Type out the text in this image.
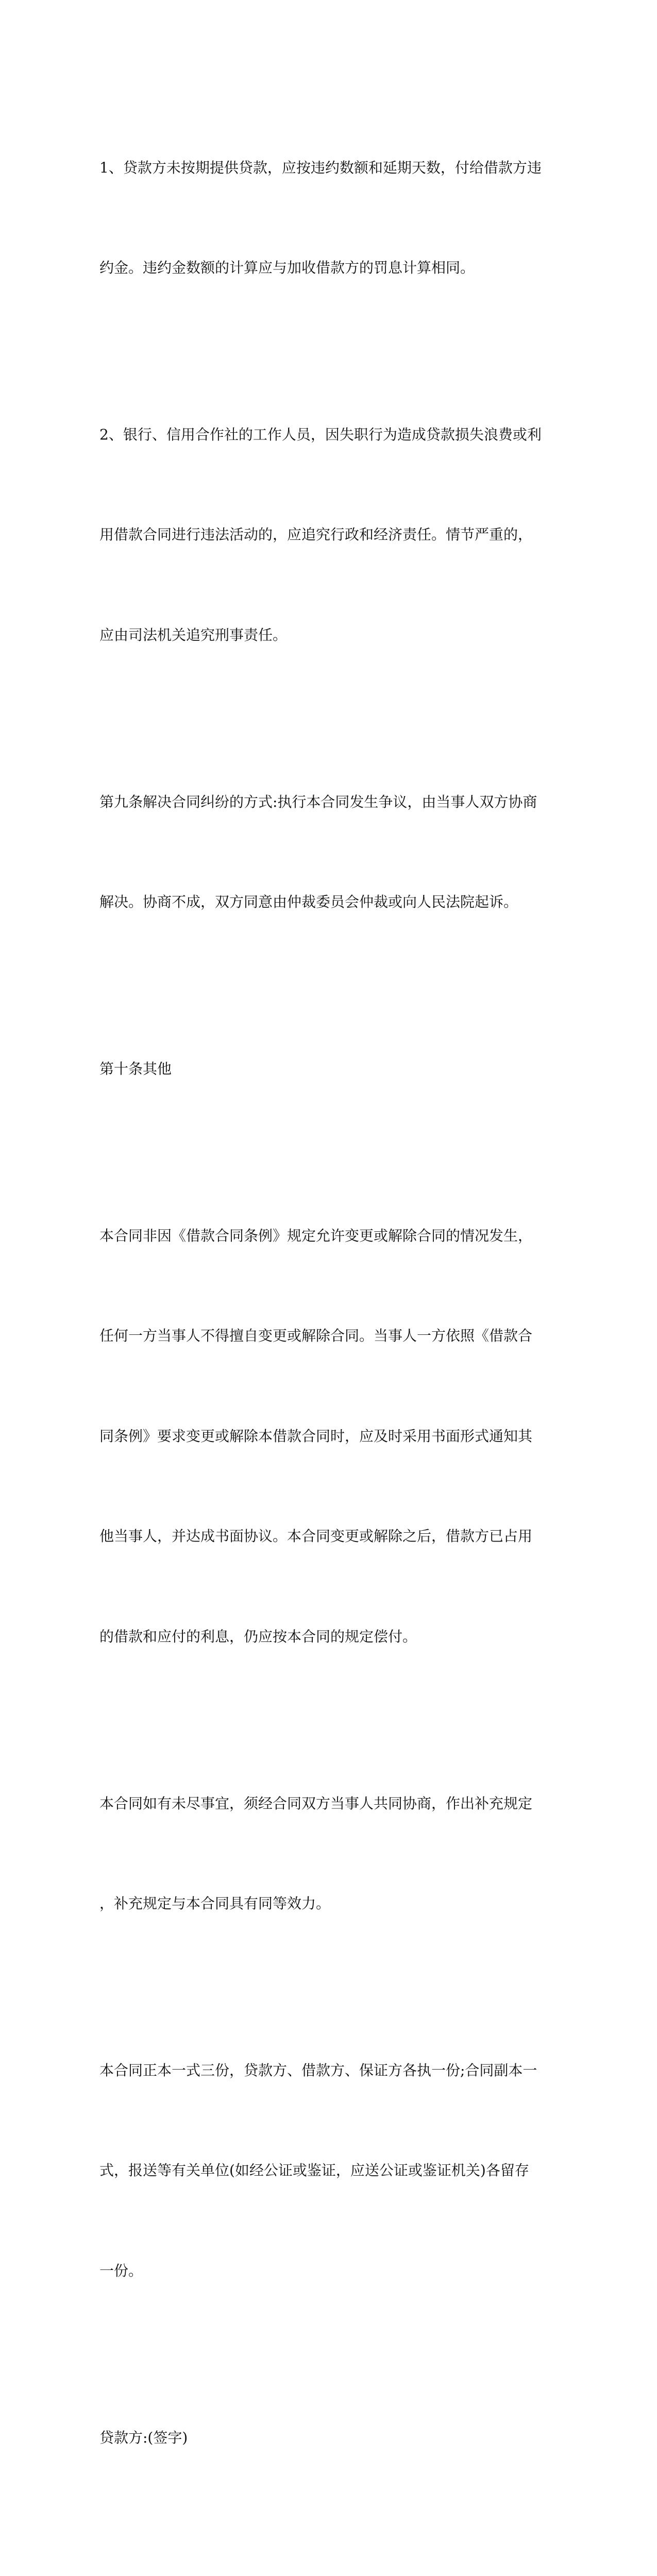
1、贷款方未按期提供贷款，应按违约数额和延期天数，付给借款方违

约金。违约金数额的计算应与加收借款方的罚息计算相同。

2、银行、信用合作社的工作人员，因失职行为造成贷款损失浪费或利

用借款合同进行违法活动的，应追究行政和经济责任。情节严重的，

应由司法机关追究刑事责任。

第九条解决合同纠纷的方式:执行本合同发生争议，由当事人双方协商

解决。协商不成，双方同意由仲裁委员会仲裁或向人民法院起诉。

第十条其他

本合同非因《借款合同条例》规定允许变更或解除合同的情况发生，

任何一方当事人不得擅自变更或解除合同。当事人一方依照《借款合

同条例》要求变更或解除本借款合同时，应及时采用书面形式通知其

他当事人，并达成书面协议。本合同变更或解除之后，借款方已占用

的借款和应付的利息，仍应按本合同的规定偿付。

本合同如有未尽事宜，须经合同双方当事人共同协商，作出补充规定

，补充规定与本合同具有同等效力。

本合同正本一式三份，贷款方、借款方、保证方各执一份;合同副本一

式，报送等有关单位(如经公证或鉴证，应送公证或鉴证机关)各留存

一份。

贷款方:(签字)
